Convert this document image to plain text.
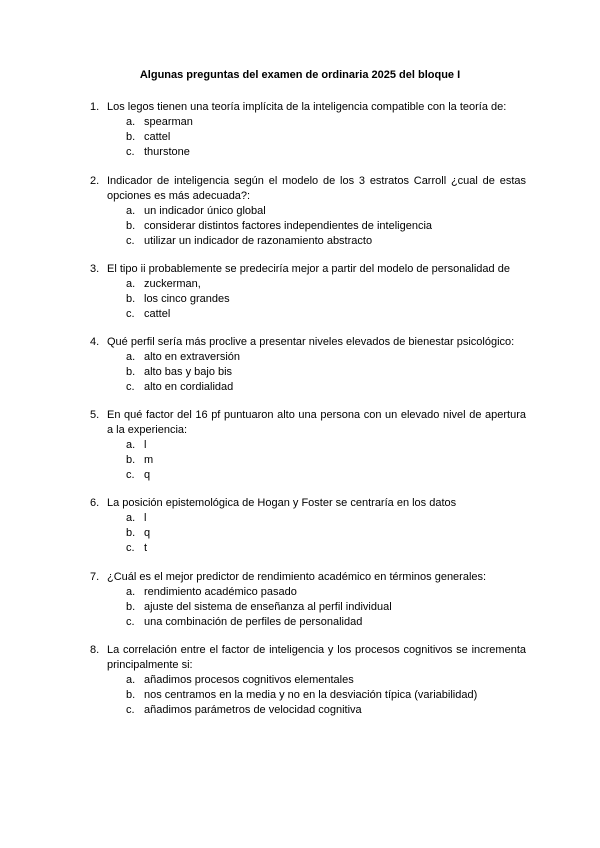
Algunas preguntas del examen de ordinaria 2025 del bloque I
1. Los legos tienen una teoría implícita de la inteligencia compatible con la teoría de:
a. spearman
b. cattel
c. thurstone
2. Indicador de inteligencia según el modelo de los 3 estratos Carroll ¿cual de estas opciones es más adecuada?:
a. un indicador único global
b. considerar distintos factores independientes de inteligencia
c. utilizar un indicador de razonamiento abstracto
3. El tipo ii probablemente se predeciría mejor a partir del modelo de personalidad de
a. zuckerman,
b. los cinco grandes
c. cattel
4. Qué perfil sería más proclive a presentar niveles elevados de bienestar psicológico:
a. alto en extraversión
b. alto bas y bajo bis
c. alto en cordialidad
5. En qué factor del 16 pf puntuaron alto una persona con un elevado nivel de apertura a la experiencia:
a. l
b. m
c. q
6. La posición epistemológica de Hogan y Foster se centraría en los datos
a. l
b. q
c. t
7. ¿Cuál es el mejor predictor de rendimiento académico en términos generales:
a. rendimiento académico pasado
b. ajuste del sistema de enseñanza al perfil individual
c. una combinación de perfiles de personalidad
8. La correlación entre el factor de inteligencia y los procesos cognitivos se incrementa principalmente si:
a. añadimos procesos cognitivos elementales
b. nos centramos en la media y no en la desviación típica (variabilidad)
c. añadimos parámetros de velocidad cognitiva
